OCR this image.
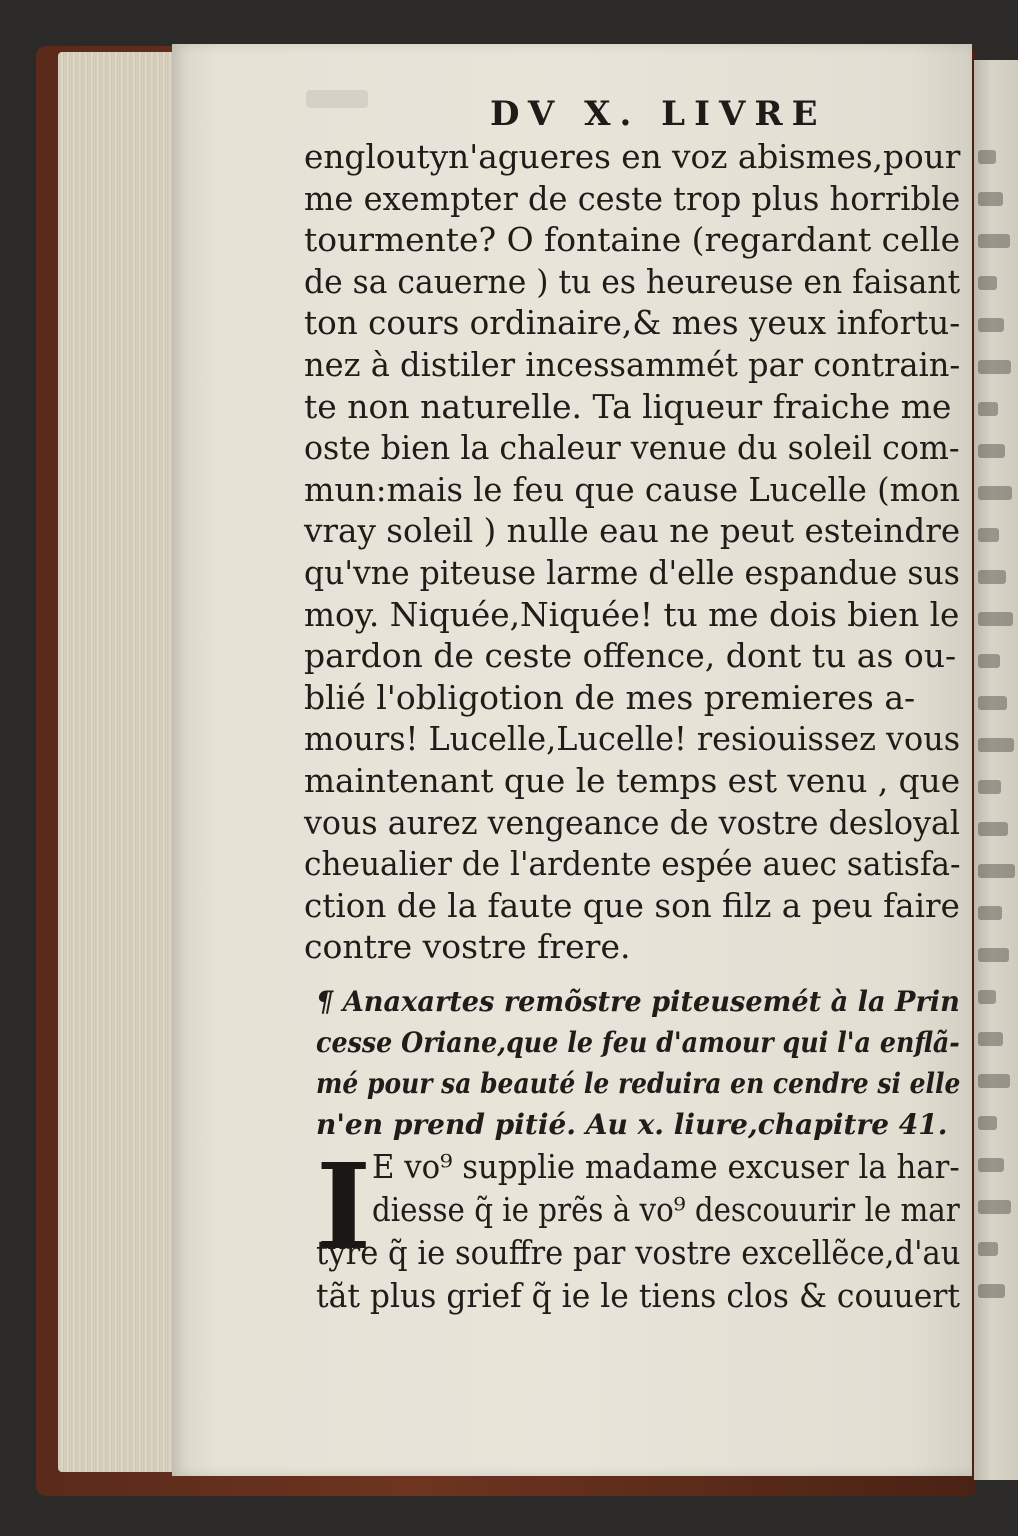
DV X. LIVRE
engloutyn'agueres en voz abismes,pour
me exempter de ceste trop plus horrible
tourmente? O fontaine (regardant celle
de sa cauerne ) tu es heureuse en faisant
ton cours ordinaire,& mes yeux infortu-
nez à distiler incessammét par contrain-
te non naturelle. Ta liqueur fraiche me
oste bien la chaleur venue du soleil com-
mun:mais le feu que cause Lucelle (mon
vray soleil ) nulle eau ne peut esteindre
qu'vne piteuse larme d'elle espandue sus
moy. Niquée,Niquée! tu me dois bien le
pardon de ceste offence, dont tu as ou-
blié l'obligotion de mes premieres a-
mours! Lucelle,Lucelle! resiouissez vous
maintenant que le temps est venu , que
vous aurez vengeance de vostre desloyal
cheualier de l'ardente espée auec satisfa-
ction de la faute que son filz a peu faire
contre vostre frere.
¶ Anaxartes remõstre piteusemét à la Prin
cesse Oriane,que le feu d'amour qui l'a enflã-
mé pour sa beauté le reduira en cendre si elle
n'en prend pitié. Au x. liure,chapitre 41.
I E vo⁹ supplie madame excuser la har-
diesse q̃ ie prẽs à vo⁹ descouurir le mar
tyre q̃ ie souffre par vostre excellẽce,d'au
tãt plus grief q̃ ie le tiens clos & couuert
